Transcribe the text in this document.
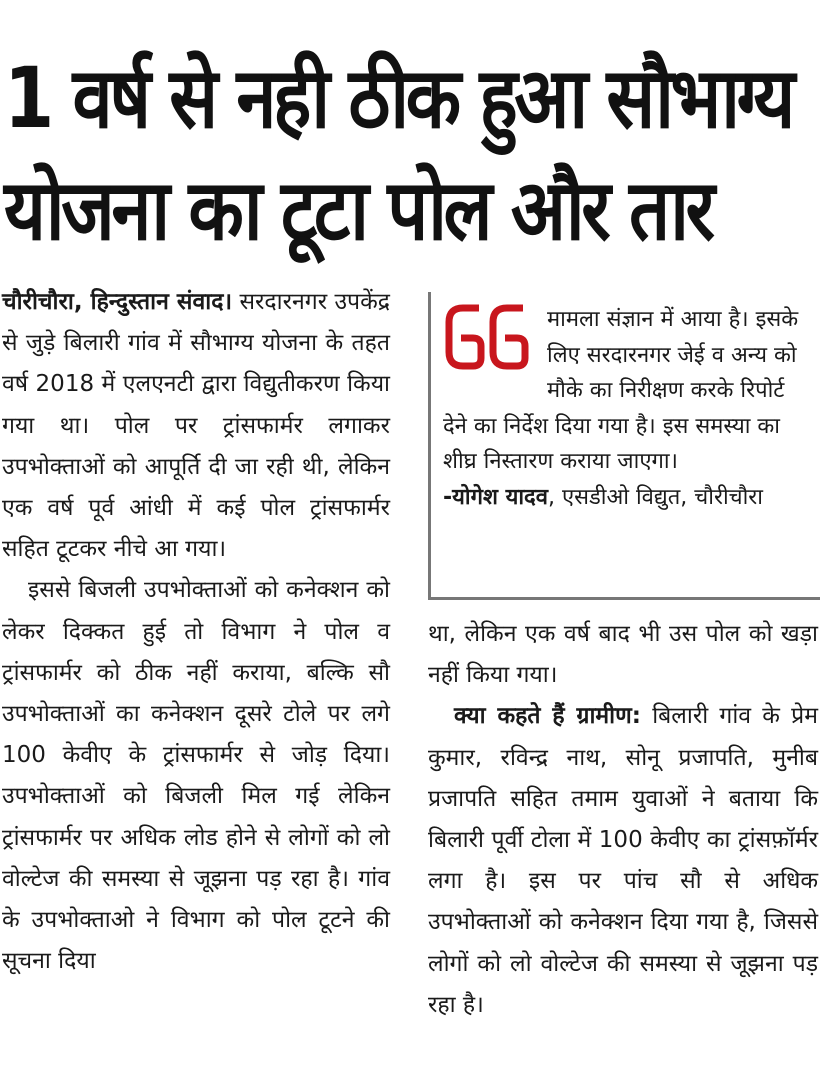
1 वर्ष से नही ठीक हुआ सौभाग्य
योजना का टूटा पोल और तार

चौरीचौरा, हिन्दुस्तान संवाद। सरदारनगर उपकेंद्र से जुड़े बिलारी गांव में सौभाग्य योजना के तहत वर्ष 2018 में एलएनटी द्वारा विद्युतीकरण किया गया था। पोल पर ट्रांसफार्मर लगाकर उपभोक्ताओं को आपूर्ति दी जा रही थी, लेकिन एक वर्ष पूर्व आंधी में कई पोल ट्रांसफार्मर सहित टूटकर नीचे आ गया।

इससे बिजली उपभोक्ताओं को कनेक्शन को लेकर दिक्कत हुई तो विभाग ने पोल व ट्रांसफार्मर को ठीक नहीं कराया, बल्कि सौ उपभोक्ताओं का कनेक्शन दूसरे टोले पर लगे 100 केवीए के ट्रांसफार्मर से जोड़ दिया। उपभोक्ताओं को बिजली मिल गई लेकिन ट्रांसफार्मर पर अधिक लोड होने से लोगों को लो वोल्टेज की समस्या से जूझना पड़ रहा है। गांव के उपभोक्ताओ ने विभाग को पोल टूटने की सूचना दिया

मामला संज्ञान में आया है। इसके लिए सरदारनगर जेई व अन्य को मौके का निरीक्षण करके रिपोर्ट देने का निर्देश दिया गया है। इस समस्या का शीघ्र निस्तारण कराया जाएगा।

-योगेश यादव, एसडीओ विद्युत, चौरीचौरा

था, लेकिन एक वर्ष बाद भी उस पोल को खड़ा नहीं किया गया।

क्या कहते हैं ग्रामीण: बिलारी गांव के प्रेम कुमार, रविन्द्र नाथ, सोनू प्रजापति, मुनीब प्रजापति सहित तमाम युवाओं ने बताया कि बिलारी पूर्वी टोला में 100 केवीए का ट्रांसफ़ॉर्मर लगा है। इस पर पांच सौ से अधिक उपभोक्ताओं को कनेक्शन दिया गया है, जिससे लोगों को लो वोल्टेज की समस्या से जूझना पड़ रहा है।
